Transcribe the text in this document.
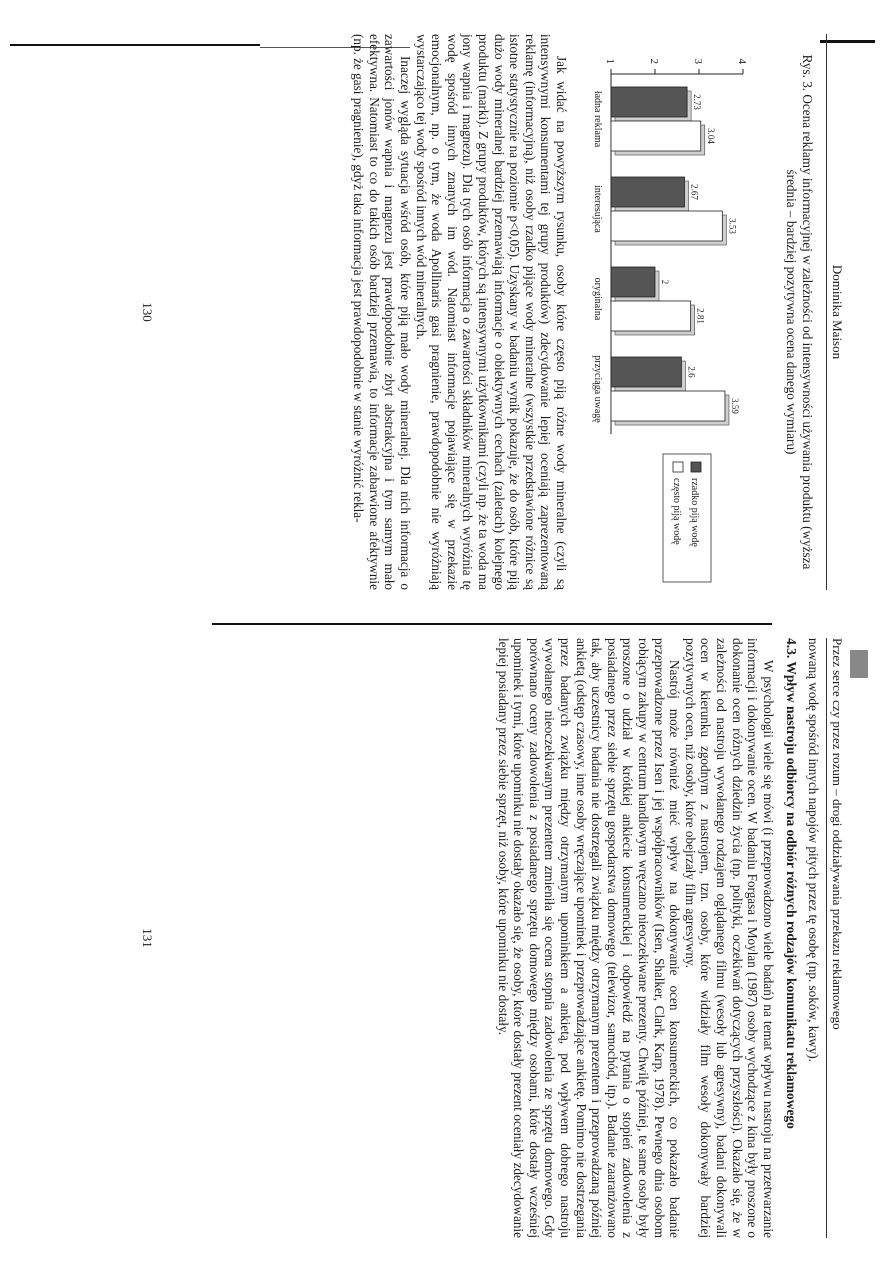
Dominika Maison
Rys. 3. Ocena reklamy informacyjnej w zależności od intensywności używania produktu (wyższa średnia – bardziej pozytywna ocena danego wymiaru)
1	2	3	4
2.73
3.04
ładna reklama
2.67
3.53
interesująca
2
2.81
oryginalna
2.6
3.59
przyciąga uwagę
rzadko piją wodę
często piją wodę

Jak widać na powyższym rysunku, osoby które często piją różne wody mineralne (czyli są intensywnymi konsumentami tej grupy produktów) zdecydowanie lepiej oceniają zaprezentowaną reklamę (informacyjną), niż osoby rzadko pijące wody mineralne (wszystkie przedstawione różnice są istotne statystycznie na poziomie p<0,05). Uzyskany w badaniu wynik pokazuje, że do osób, które piją dużo wody mineralnej bardziej przemawiają informacje o obiektywnych cechach (zaletach) kolejnego produktu (marki). Z grupy produktów, których są intensywnymi użytkownikami (czyli np. że ta woda ma jony wapnia i magnezu). Dla tych osób informacja o zawartości składników mineralnych wyróżnia tę wodę spośród innych znanych im wód. Natomiast informacje pojawiające się w przekazie emocjonalnym, np. o tym, że woda Apollinaris gasi pragnienie, prawdopodobnie nie wyróżniają wystarczająco tej wody spośród innych wód mineralnych.

Inaczej wygląda sytuacja wśród osób, które piją mało wody mineralnej. Dla nich informacja o zawartości jonów wapnia i magnezu jest prawdopodobnie zbyt abstrakcyjna i tym samym mało efektywna. Natomiast to co do takich osób bardziej przemawia, to informacje zabarwione afektywnie (np. że gasi pragnienie), gdyż taka informacja jest prawdopodobnie w stanie wyróżnić rekla-

130
Przez serce czy przez rozum – drogi oddziaływania przekazu reklamowego

nowaną wodę spośród innych napojów pitych przez tę osobę (np. soków, kawy).

4.3. Wpływ nastroju odbiorcy na odbiór różnych rodzajów komunikatu reklamowego

W psychologii wiele się mówi (i przeprowadzono wiele badań) na temat wpływu nastroju na przetwarzanie informacji i dokonywanie ocen. W badaniu Forgasa i Moylan (1987) osoby wychodzące z kina były proszone o dokonanie ocen różnych dziedzin życia (np. polityki, oczekiwań dotyczących przyszłości). Okazało się, że w zależności od nastroju wywołanego rodzajem oglądanego filmu (wesoły lub agresywny), badani dokonywali ocen w kierunku zgodnym z nastrojem, tzn. osoby, które widziały film wesoły dokonywały bardziej pozytywnych ocen, niż osoby, które obejrzały film agresywny.

Nastrój może również mieć wpływ na dokonywanie ocen konsumenckich, co pokazało badanie przeprowadzone przez Isen i jej współpracowników (Isen, Shalker, Clark, Karp, 1978). Pewnego dnia osobom robiącym zakupy w centrum handlowym wręczano nieoczekiwane prezenty. Chwilę później, te same osoby były proszone o udział w krótkiej ankiecie konsumenckiej i odpowiedź na pytania o stopień zadowolenia z posiadanego przez siebie sprzętu gospodarstwa domowego (telewizor, samochód, itp.). Badanie zaaranżowano tak, aby uczestnicy badania nie dostrzegali związku między otrzymanym prezentem i przeprowadzaną później ankietą (odstęp czasowy, inne osoby wręczające upominek i przeprowadzające ankietę. Pomimo nie dostrzegania przez badanych związku między otrzymanym upominkiem a ankietą, pod wpływem dobrego nastroju wywołanego nieoczekiwanym prezentem zmieniła się ocena stopnia zadowolenia ze sprzętu domowego. Gdy porównano oceny zadowolenia z posiadanego sprzętu domowego między osobami, które dostały wcześniej upominek i tymi, które upominku nie dostały okazało się, że osoby, które dostały prezent oceniały zdecydowanie lepiej posiadany przez siebie sprzęt, niż osoby, które upominku nie dostały.

131
